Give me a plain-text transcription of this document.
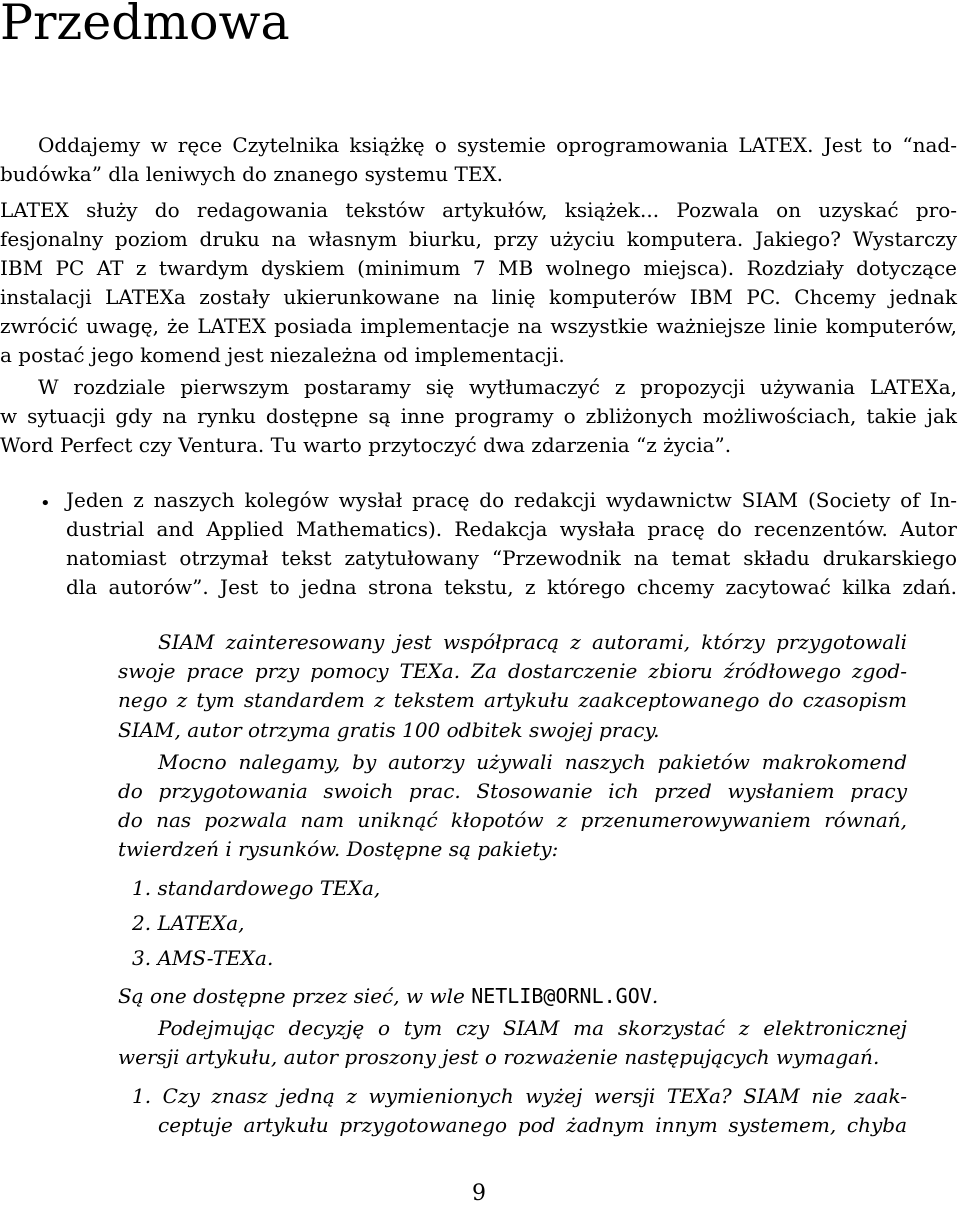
Przedmowa
Oddajemy w ręce Czytelnika książkę o systemie oprogramowania LATEX. Jest to “nad-
budówka” dla leniwych do znanego systemu TEX.
LATEX służy do redagowania tekstów artykułów, książek... Pozwala on uzyskać pro-
fesjonalny poziom druku na własnym biurku, przy użyciu komputera. Jakiego? Wystarczy
IBM PC AT z twardym dyskiem (minimum 7 MB wolnego miejsca). Rozdziały dotyczące
instalacji LATEXa zostały ukierunkowane na linię komputerów IBM PC. Chcemy jednak
zwrócić uwagę, że LATEX posiada implementacje na wszystkie ważniejsze linie komputerów,
a postać jego komend jest niezależna od implementacji.
W rozdziale pierwszym postaramy się wytłumaczyć z propozycji używania LATEXa,
w sytuacji gdy na rynku dostępne są inne programy o zbliżonych możliwościach, takie jak
Word Perfect czy Ventura. Tu warto przytoczyć dwa zdarzenia “z życia”.
• Jeden z naszych kolegów wysłał pracę do redakcji wydawnictw SIAM (Society of In-
dustrial and Applied Mathematics). Redakcja wysłała pracę do recenzentów. Autor
natomiast otrzymał tekst zatytułowany “Przewodnik na temat składu drukarskiego
dla autorów”. Jest to jedna strona tekstu, z którego chcemy zacytować kilka zdań.
SIAM zainteresowany jest współpracą z autorami, którzy przygotowali
swoje prace przy pomocy TEXa. Za dostarczenie zbioru źródłowego zgod-
nego z tym standardem z tekstem artykułu zaakceptowanego do czasopism
SIAM, autor otrzyma gratis 100 odbitek swojej pracy.
Mocno nalegamy, by autorzy używali naszych pakietów makrokomend
do przygotowania swoich prac. Stosowanie ich przed wysłaniem pracy
do nas pozwala nam uniknąć kłopotów z przenumerowywaniem równań,
twierdzeń i rysunków. Dostępne są pakiety:
1. standardowego TEXa,
2. LATEXa,
3. AMS-TEXa.
Są one dostępne przez sieć, w wle NETLIB@ORNL.GOV.
Podejmując decyzję o tym czy SIAM ma skorzystać z elektronicznej
wersji artykułu, autor proszony jest o rozważenie następujących wymagań.
1. Czy znasz jedną z wymienionych wyżej wersji TEXa? SIAM nie zaak-
ceptuje artykułu przygotowanego pod żadnym innym systemem, chyba
9
